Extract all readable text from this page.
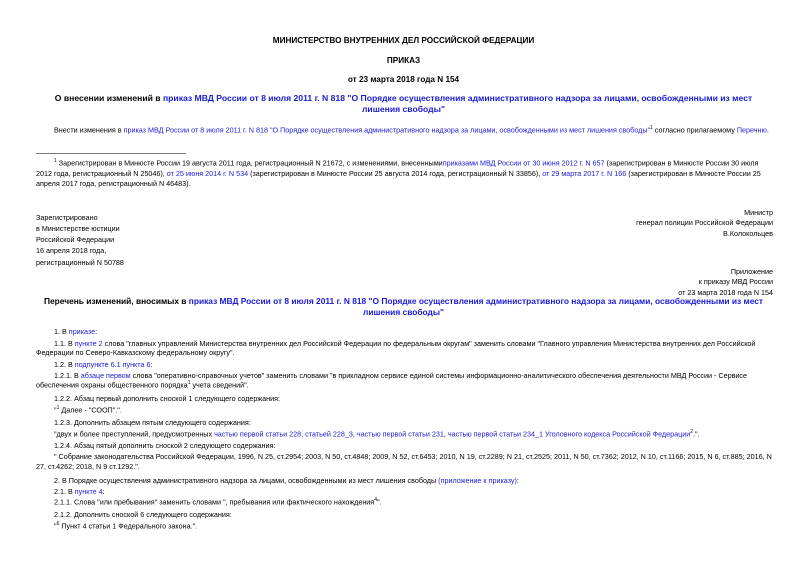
МИНИСТЕРСТВО ВНУТРЕННИХ ДЕЛ РОССИЙСКОЙ ФЕДЕРАЦИИ
ПРИКАЗ
от 23 марта 2018 года N 154
О внесении изменений в приказ МВД России от 8 июля 2011 г. N 818 "О Порядке осуществления административного надзора за лицами, освобожденными из мест лишения свободы"
Внести изменения в приказ МВД России от 8 июля 2011 г. N 818 "О Порядке осуществления административного надзора за лицами, освобожденными из мест лишения свободы"$^1$ согласно прилагаемому Перечню.
$^1$ Зарегистрирован в Минюсте России 19 августа 2011 года, регистрационный N 21672, с изменениями, внесеннымиприказами МВД России от 30 июня 2012 г. N 657 (зарегистрирован в Минюсте России 30 июля 2012 года, регистрационный N 25046), от 25 июня 2014 г. N 534 (зарегистрирован в Минюсте России 25 августа 2014 года, регистрационный N 33856), от 29 марта 2017 г. N 166 (зарегистрирован в Минюсте России 25 апреля 2017 года, регистрационный N 46483).
Министр
генерал полиции Российской Федерации
В.Колокольцев
Зарегистрировано
в Министерстве юстиции
Российской Федерации
16 апреля 2018 года,
регистрационный N 50788
Приложение
к приказу МВД России
от 23 марта 2018 года N 154
Перечень изменений, вносимых в приказ МВД России от 8 июля 2011 г. N 818 "О Порядке осуществления административного надзора за лицами, освобожденными из мест лишения свободы"
1. В приказе:
1.1. В пункте 2 слова "главных управлений Министерства внутренних дел Российской Федерации по федеральным округам" заменить словами "Главного управления Министерства внутренних дел Российской Федерации по Северо-Кавказскому федеральному округу".
1.2. В подпункте 6.1 пункта 6:
1.2.1. В абзаце первом слова "оперативно-справочных учетов" заменить словами "в прикладном сервисе единой системы информационно-аналитического обеспечения деятельности МВД России - Сервисе обеспечения охраны общественного порядка$^1$ учета сведений".
1.2.2. Абзац первый дополнить сноской 1 следующего содержания:
"$^1$ Далее - "СООП".".
1.2.3. Дополнить абзацем пятым следующего содержания:
"двух и более преступлений, предусмотренных частью первой статьи 228, статьей 228_3, частью первой статьи 231, частью первой статьи 234_1 Уголовного кодекса Российской Федерации$^2$.".
1.2.4. Абзац пятый дополнить сноской 2 следующего содержания:
" Собрание законодательства Российской Федерации, 1996, N 25, ст.2954; 2003, N 50, ст.4848; 2009, N 52, ст.6453; 2010, N 19, ст.2289; N 21, ст.2525; 2011, N 50, ст.7362; 2012, N 10, ст.1166; 2015, N 6, ст.885; 2016, N 27, ст.4262; 2018, N 9 ст.1292.".
2. В Порядке осуществления административного надзора за лицами, освобожденными из мест лишения свободы (приложение к приказу):
2.1. В пункте 4:
2.1.1. Слова "или пребывания" заменить словами ", пребывания или фактического нахождения$^4$".
2.1.2. Дополнить сноской 6 следующего содержания:
"$^6$ Пункт 4 статьи 1 Федерального закона.".
